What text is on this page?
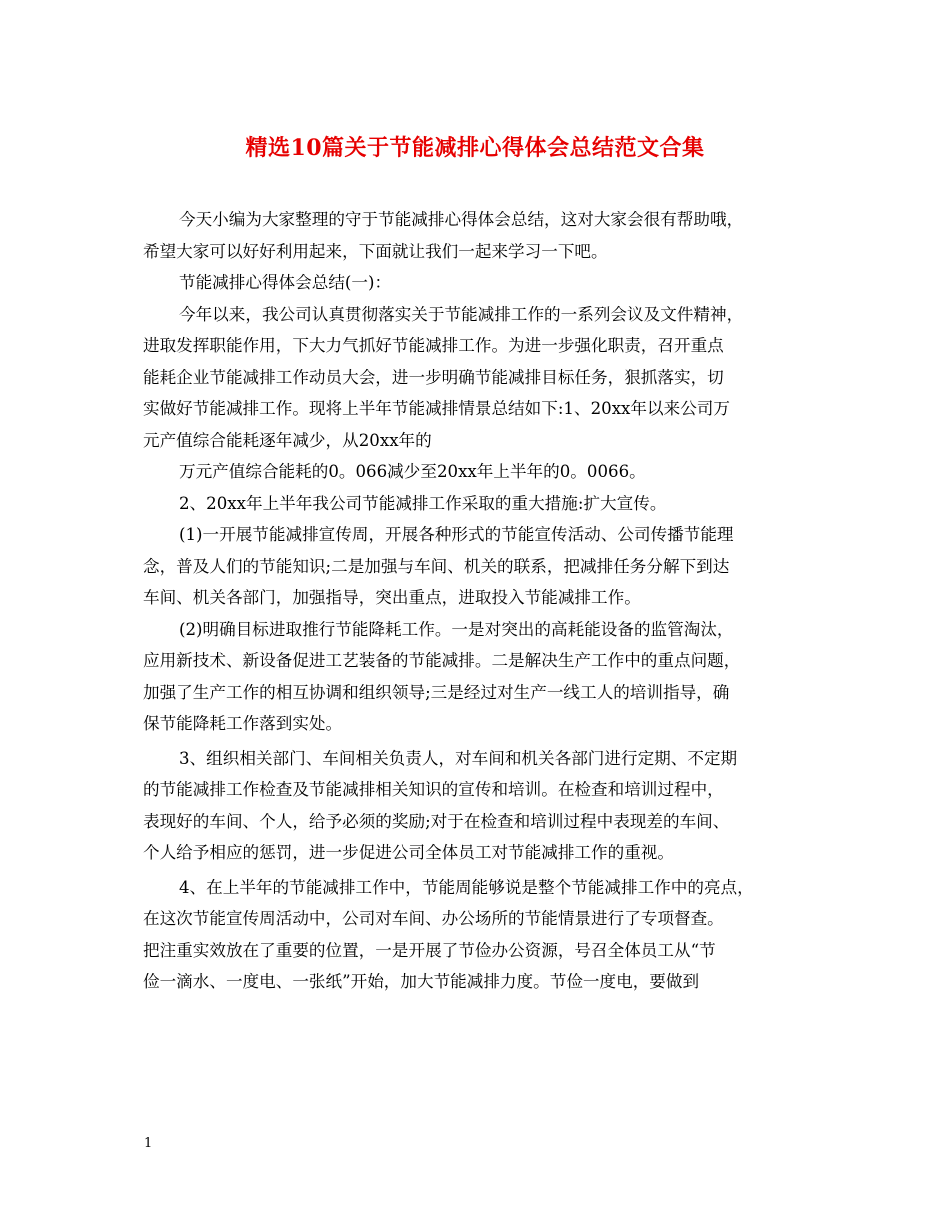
精选10篇关于节能减排心得体会总结范文合集
今天小编为大家整理的守于节能减排心得体会总结，这对大家会很有帮助哦，
希望大家可以好好利用起来，下面就让我们一起来学习一下吧。
节能减排心得体会总结(一)：
今年以来，我公司认真贯彻落实关于节能减排工作的一系列会议及文件精神，
进取发挥职能作用，下大力气抓好节能减排工作。为进一步强化职责，召开重点
能耗企业节能减排工作动员大会，进一步明确节能减排目标任务，狠抓落实，切
实做好节能减排工作。现将上半年节能减排情景总结如下:1、20xx年以来公司万
元产值综合能耗逐年减少，从20xx年的
万元产值综合能耗的0。066减少至20xx年上半年的0。0066。
2、20xx年上半年我公司节能减排工作采取的重大措施:扩大宣传。
(1)一开展节能减排宣传周，开展各种形式的节能宣传活动、公司传播节能理
念，普及人们的节能知识;二是加强与车间、机关的联系，把减排任务分解下到达
车间、机关各部门，加强指导，突出重点，进取投入节能减排工作。
(2)明确目标进取推行节能降耗工作。一是对突出的高耗能设备的监管淘汰，
应用新技术、新设备促进工艺装备的节能减排。二是解决生产工作中的重点问题，
加强了生产工作的相互协调和组织领导;三是经过对生产一线工人的培训指导，确
保节能降耗工作落到实处。
3、组织相关部门、车间相关负责人，对车间和机关各部门进行定期、不定期
的节能减排工作检查及节能减排相关知识的宣传和培训。在检查和培训过程中，
表现好的车间、个人，给予必须的奖励;对于在检查和培训过程中表现差的车间、
个人给予相应的惩罚，进一步促进公司全体员工对节能减排工作的重视。
4、在上半年的节能减排工作中，节能周能够说是整个节能减排工作中的亮点，
在这次节能宣传周活动中，公司对车间、办公场所的节能情景进行了专项督查。
把注重实效放在了重要的位置，一是开展了节俭办公资源，号召全体员工从“节
俭一滴水、一度电、一张纸”开始，加大节能减排力度。节俭一度电，要做到
1
